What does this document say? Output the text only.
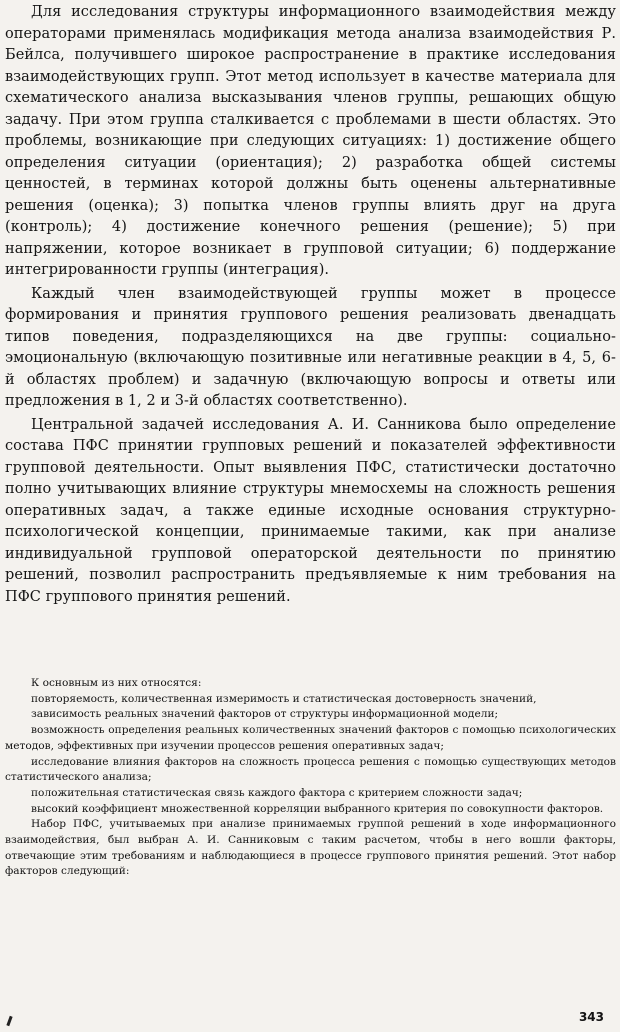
Для исследования структуры информационного взаимодействия между операторами применялась модификация метода анализа взаимодействия Р. Бейлса, получившего широкое распространение в практике исследования взаимодействующих групп. Этот метод использует в качестве материала для схематического анализа высказывания членов группы, решающих общую задачу. При этом группа сталкивается с проблемами в шести областях. Это проблемы, возникающие при следующих ситуациях: 1) достижение общего определения ситуации (ориентация); 2) разработка общей системы ценностей, в терминах которой должны быть оценены альтернативные решения (оценка); 3) попытка членов группы влиять друг на друга (контроль); 4) достижение конечного решения (решение); 5) при напряжении, которое возникает в групповой ситуации; 6) поддержание интегрированности группы (интеграция).

Каждый член взаимодействующей группы может в процессе формирования и принятия группового решения реализовать двенадцать типов поведения, подразделяющихся на две группы: социально-эмоциональную (включающую позитивные или негативные реакции в 4, 5, 6-й областях проблем) и задачную (включающую вопросы и ответы или предложения в 1, 2 и 3-й областях соответственно).

Центральной задачей исследования А. И. Санникова было определение состава ПФС принятии групповых решений и показателей эффективности групповой деятельности. Опыт выявления ПФС, статистически достаточно полно учитывающих влияние структуры мнемосхемы на сложность решения оперативных задач, а также единые исходные основания структурно-психологической концепции, принимаемые такими, как при анализе индивидуальной групповой операторской деятельности по принятию решений, позволил распространить предъявляемые к ним требования на ПФС группового принятия решений.

К основным из них относятся:

повторяемость, количественная измеримость и статистическая достоверность значений,

зависимость реальных значений факторов от структуры информационной модели;

возможность определения реальных количественных значений факторов с помощью психологических методов, эффективных при изучении процессов решения оперативных задач;

исследование влияния факторов на сложность процесса решения с помощью существующих методов статистического анализа;

положительная статистическая связь каждого фактора с критерием сложности задач;

высокий коэффициент множественной корреляции выбранного критерия по совокупности факторов.

Набор ПФС, учитываемых при анализе принимаемых группой решений в ходе информационного взаимодействия, был выбран А. И. Санниковым с таким расчетом, чтобы в него вошли факторы, отвечающие этим требованиям и наблюдающиеся в процессе группового принятия решений. Этот набор факторов следующий:

343
